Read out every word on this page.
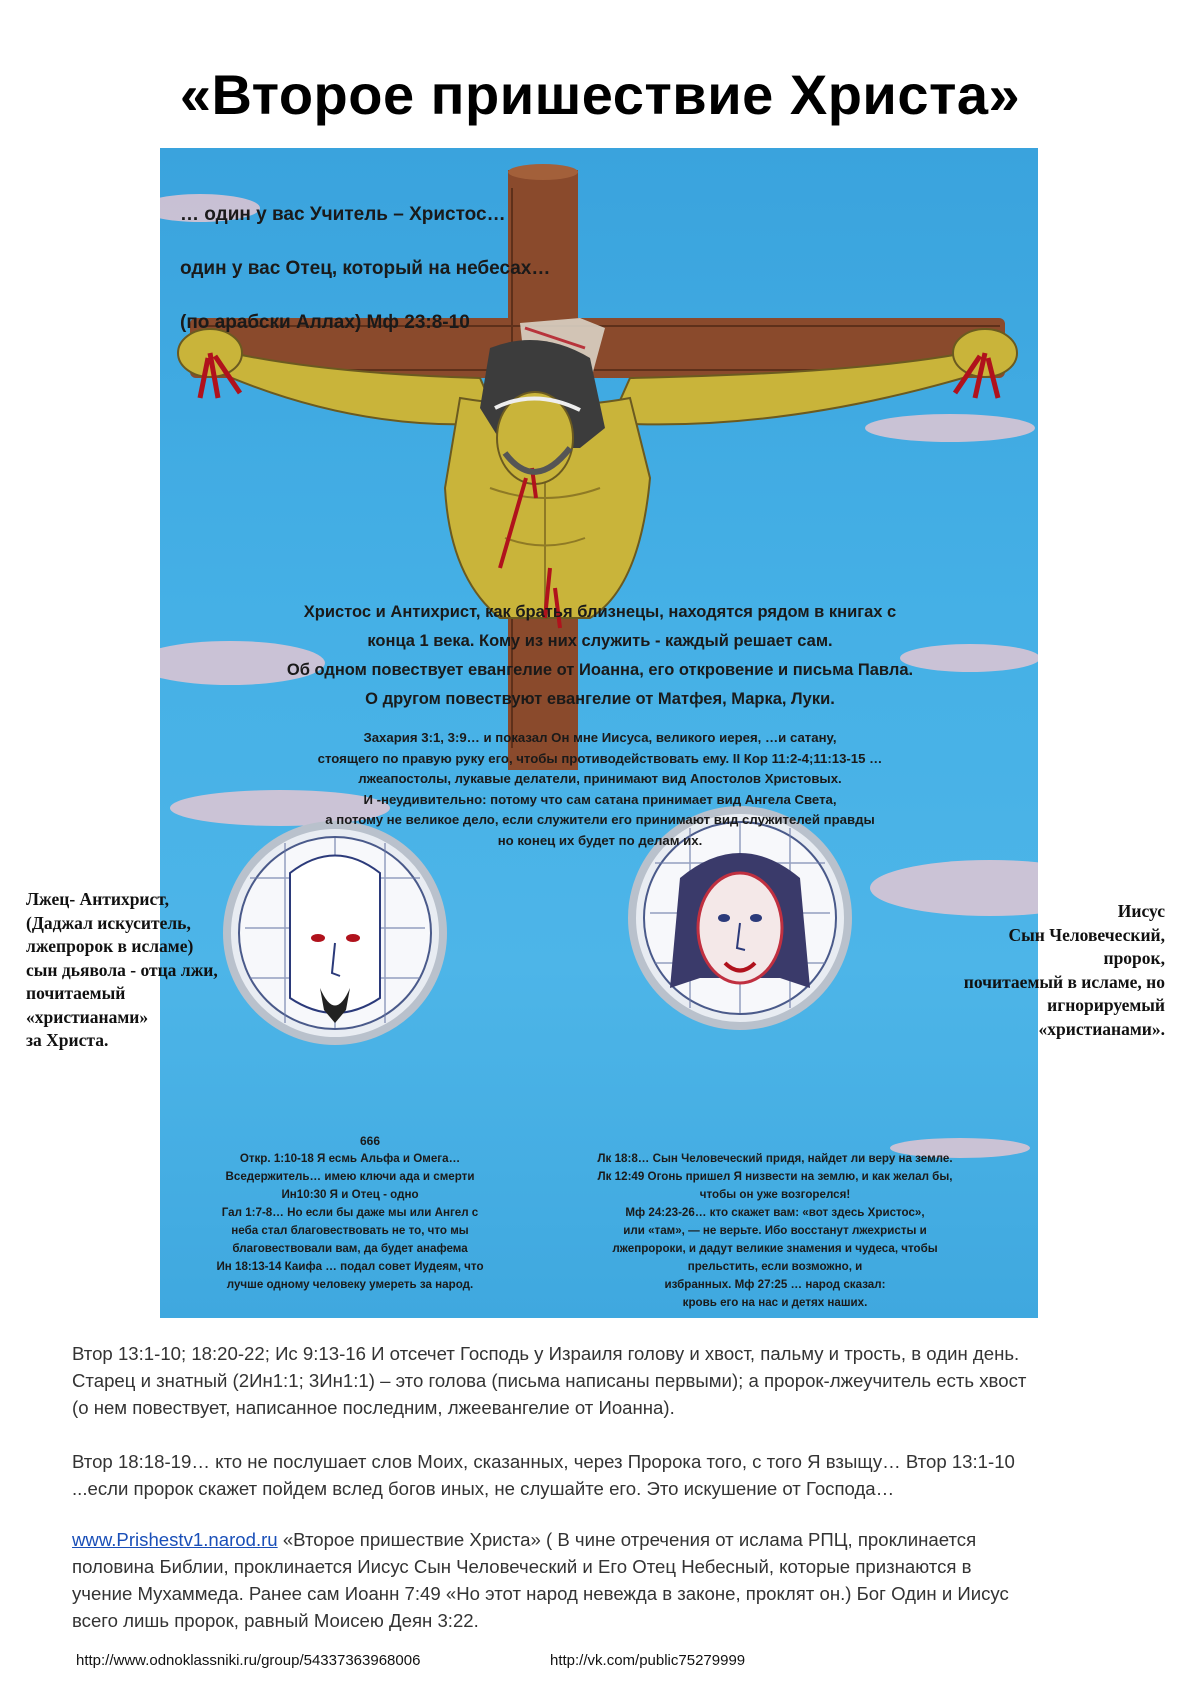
«Второе пришествие Христа»
… один у вас Учитель – Христос…
один у вас Отец, который на небесах…
(по арабски Аллах) Мф 23:8-10
Христос и Антихрист, как братья близнецы, находятся рядом в книгах с
конца 1 века. Кому из них служить - каждый решает сам.
Об одном повествует евангелие от Иоанна, его откровение и письма Павла.
О другом повествуют евангелие от Матфея, Марка, Луки.
Захария 3:1, 3:9… и показал Он мне Иисуса, великого иерея, …и сатану,
стоящего по правую руку его, чтобы противодействовать ему. II Кор 11:2-4;11:13-15 …
лжеапостолы, лукавые делатели, принимают вид Апостолов Христовых.
И -неудивительно: потому что сам сатана принимает вид Ангела Света,
а потому не великое дело, если служители его принимают вид служителей правды
но конец их будет по делам их.
666
Откр. 1:10-18 Я есмь Альфа и Омега…
Вседержитель… имею ключи ада и смерти
Ин10:30 Я и Отец - одно
Гал 1:7-8… Но если бы даже мы или Ангел с
неба стал благовествовать не то, что мы
благовествовали вам, да будет анафема
Ин 18:13-14 Каифа … подал совет Иудеям, что
лучше одному человеку умереть за народ.
Лк 18:8… Сын Человеческий придя, найдет ли веру на земле.
Лк 12:49 Огонь пришел Я низвести на землю, и как желал бы,
чтобы он уже возгорелся!
Мф 24:23-26… кто скажет вам: «вот здесь Христос»,
или «там», — не верьте. Ибо восстанут лжехристы и
лжепророки, и дадут великие знамения и чудеса, чтобы
прельстить, если возможно, и
избранных. Мф 27:25 … народ сказал:
кровь его на нас и детях наших.
Лжец- Антихрист,
(Даджал искуситель,
лжепророк в исламе)
сын дьявола - отца лжи,
почитаемый
«христианами»
за Христа.
Иисус
Сын Человеческий,
пророк,
почитаемый в исламе, но
игнорируемый
«христианами».
Втор 13:1-10; 18:20-22; Ис 9:13-16 И отсечет Господь у Израиля голову и хвост, пальму и трость, в один день.
Старец и знатный (2Ин1:1; 3Ин1:1) – это голова (письма написаны первыми); а пророк-лжеучитель есть хвост
(о нем повествует, написанное последним, лжеевангелие от Иоанна).
Втор 18:18-19… кто не послушает слов Моих, сказанных, через Пророка того, с того Я взыщу… Втор 13:1-10
...если пророк скажет пойдем вслед богов иных, не слушайте его. Это искушение от Господа…
www.Prishestv1.narod.ru «Второе пришествие Христа» ( В чине отречения от ислама РПЦ, проклинается
половина Библии, проклинается Иисус Сын Человеческий и Его Отец Небесный, которые признаются в
учение Мухаммеда. Ранее сам Иоанн 7:49 «Но этот народ невежда в законе, проклят он.) Бог Один и Иисус
всего лишь пророк, равный Моисею Деян 3:22.
http://www.odnoklassniki.ru/group/54337363968006	http://vk.com/public75279999
